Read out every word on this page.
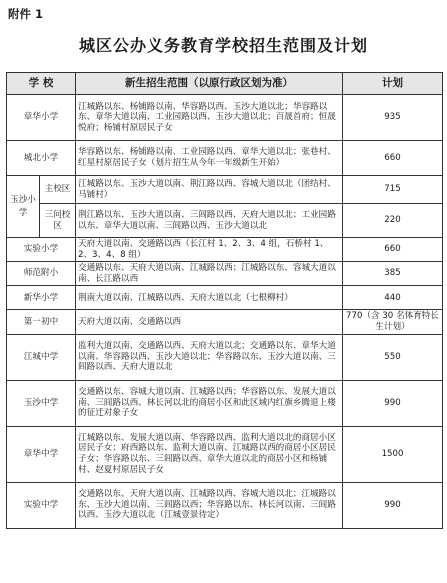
附件 1
城区公办义务教育学校招生范围及计划
学 校		新生招生范围（以原行政区划为准）	计划
章华小学		江城路以东、杨铺路以南、华容路以西、玉沙大道以北；华容路以东、章华大道以南、工业园路以西、玉沙大道以北；百晟首府；恒晟悦府；杨铺村原居民子女	935
城北小学		华容路以东、杨铺路以南、工业园路以西、章华大道以北；张巷村、红星村原居民子女（划片招生从今年一年级新生开始）	660
玉沙小学	主校区	江城路以东、玉沙大道以南、荆江路以西、容城大道以北（团结村、马铺村）	715
	三问校区	荆江路以东、玉沙大道以南、三闾路以西、天府大道以北；工业园路以东、章华大道以南、三闾路以西、玉沙大道以北	220
实验小学		天府大道以南、交通路以西（长江村 1、2、3、4 组，石桥村 1、2、3、4、8 组）	660
师范附小		交通路以东、天府大道以南、江城路以西；江城路以东、容城大道以南、长江路以西	385
新华小学		荆南大道以南、江城路以西、天府大道以北（七根柳村）	440
第一初中		天府大道以南、交通路以西	770（含 30 名体育特长生计划）
江城中学		监利大道以南、交通路以西、天府大道以北；交通路以东、章华大道以南、华容路以西、玉沙大道以北；华容路以东、玉沙大道以南、三闾路以西、天府大道以北	550
玉沙中学		交通路以东、容城大道以南、江城路以西；华容路以东、发展大道以南、三闾路以西、林长河以北的商居小区和此区域内红旗乡腾退上楼的征迁对象子女	990
章华中学		江城路以东、发展大道以南、华容路以西、监利大道以北的商居小区居民子女；府西路以东、监利大道以南、江城路以西的商居小区居民子女；华容路以东、三闾路以西、章华大道以北的商居小区和杨铺村、赵夏村原居民子女	1500
实验中学		交通路以东、天府大道以南、江城路以西、容城大道以北；江城路以东、玉沙大道以南、三闾路以西；华容路以东、林长河以南、三闾路以西、玉沙大道以北（江城壹景待定）	990
